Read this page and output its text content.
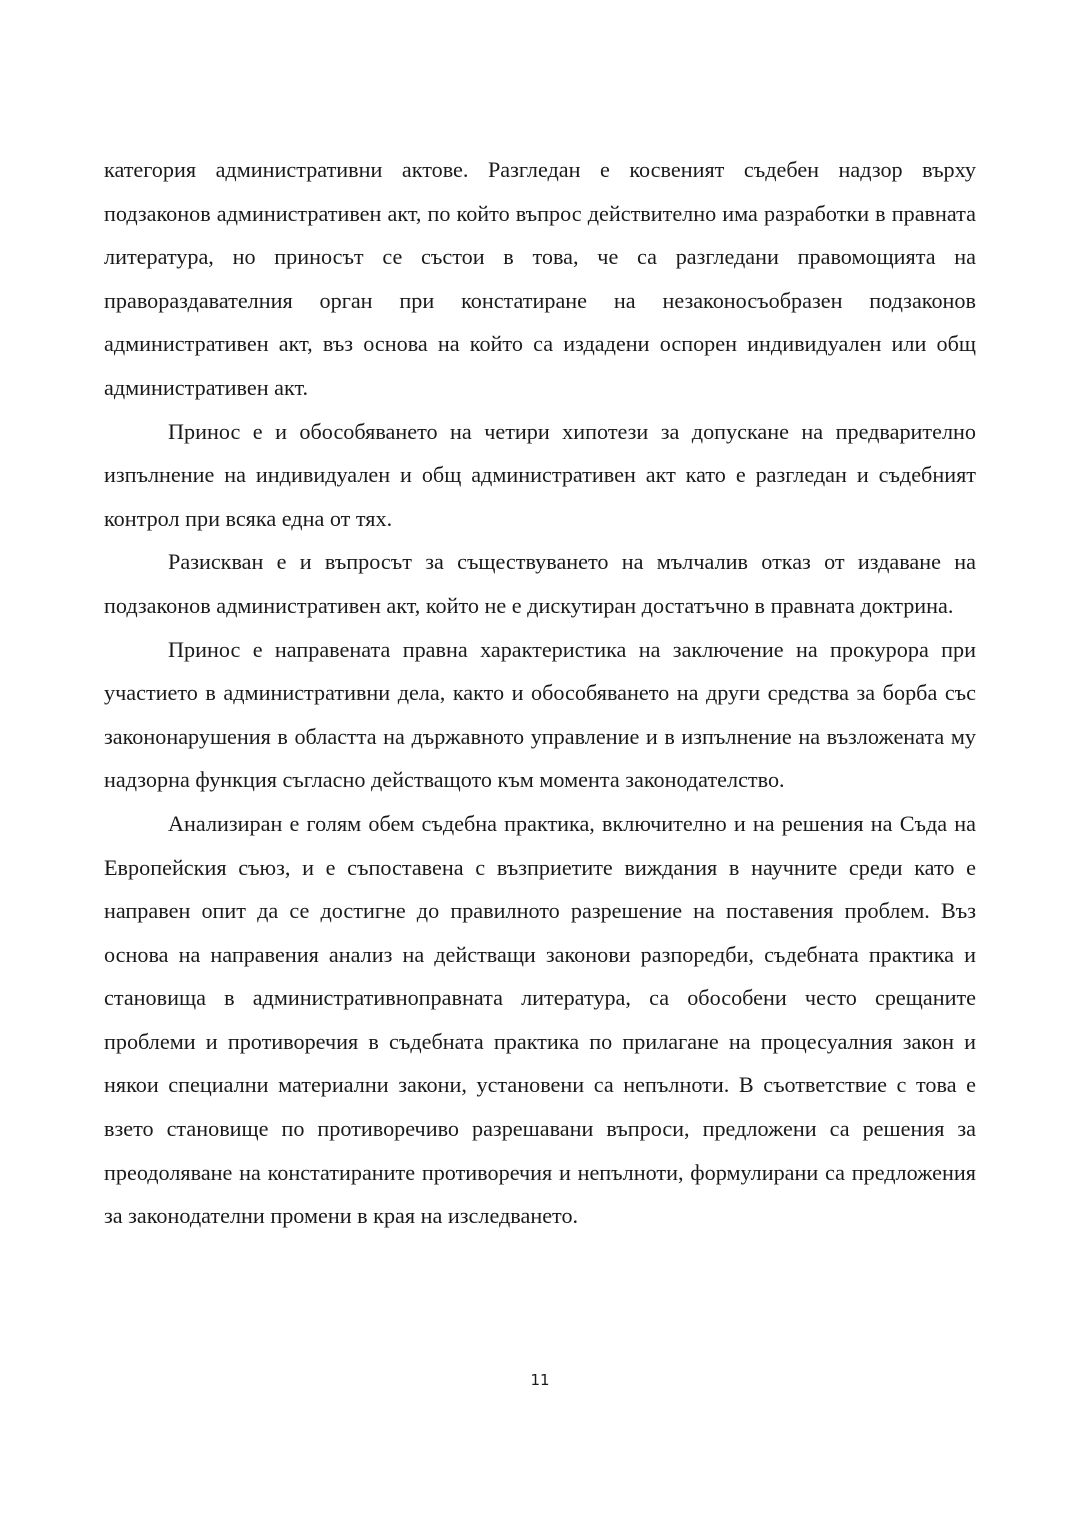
категория административни актове. Разгледан е косвеният съдебен надзор върху подзаконов административен акт, по който въпрос действително има разработки в правната литература, но приносът се състои в това, че са разгледани правомощията на правораздавателния орган при констатиране на незаконосъобразен подзаконов административен акт, въз основа на който са издадени оспорен индивидуален или общ административен акт.

Принос е и обособяването на четири хипотези за допускане на предварително изпълнение на индивидуален и общ административен акт като е разгледан и съдебният контрол при всяка една от тях.

Разискван е и въпросът за съществуването на мълчалив отказ от издаване на подзаконов административен акт, който не е дискутиран достатъчно в правната доктрина.

Принос е направената правна характеристика на заключение на прокурора при участието в административни дела, както и обособяването на други средства за борба със закононарушения в областта на държавното управление и в изпълнение на възложената му надзорна функция съгласно действащото към момента законодателство.

Анализиран е голям обем съдебна практика, включително и на решения на Съда на Европейския съюз, и е съпоставена с възприетите виждания в научните среди като е направен опит да се достигне до правилното разрешение на поставения проблем. Въз основа на направения анализ на действащи законови разпоредби, съдебната практика и становища в административноправната литература, са обособени често срещаните проблеми и противоречия в съдебната практика по прилагане на процесуалния закон и някои специални материални закони, установени са непълноти. В съответствие с това е взето становище по противоречиво разрешавани въпроси, предложени са решения за преодоляване на констатираните противоречия и непълноти, формулирани са предложения за законодателни промени в края на изследването.

11
